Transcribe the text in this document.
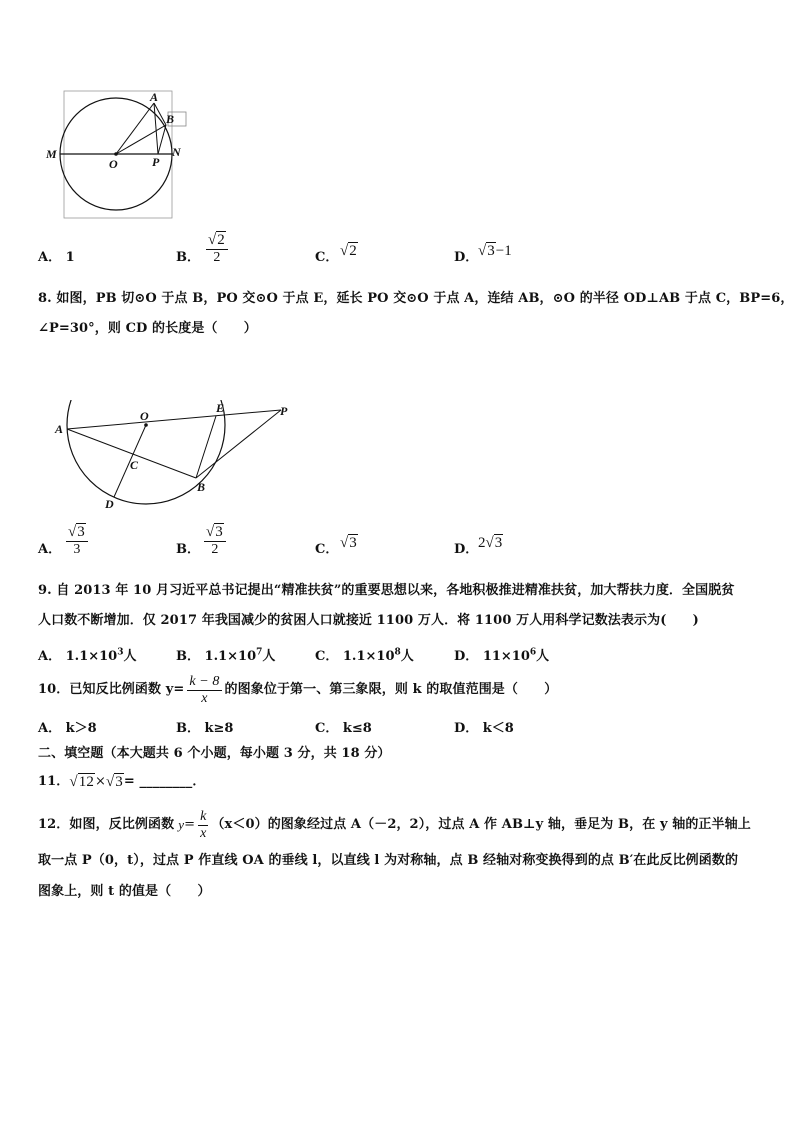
M
O
A
B
P
N
A． 1	B． $\frac{√2}{2}$	C． √2	D． √3−1
8. 如图，PB 切⊙O 于点 B，PO 交⊙O 于点 E，延长 PO 交⊙O 于点 A，连结 AB，⊙O 的半径 OD⊥AB 于点 C，BP=6，
∠P=30°，则 CD 的长度是（　　）
O
E	P
A
C
D
B
A． $\frac{√3}{3}$	B． $\frac{√3}{2}$	C． √3	D． 2√3
9. 自 2013 年 10 月习近平总书记提出“精准扶贫”的重要思想以来，各地积极推进精准扶贫，加大帮扶力度．全国脱贫
人口数不断增加．仅 2017 年我国减少的贫困人口就接近 1100 万人．将 1100 万人用科学记数法表示为(　　)
A． $1.1\times 10^3$人	B． $1.1\times 10^7$人	C． $1.1\times 10^8$人	D． $11\times 10^6$人
10．已知反比例函数 $y= \frac{k - 8}{x}$ 的图象位于第一、第三象限，则 k 的取值范围是（　　）
A． k＞8	B． k≥8	C． k≤8	D． k＜8
二、填空题（本大题共 6 个小题，每小题 3 分，共 18 分）
11． √12 × √3 = ________．
12．如图，反比例函数 $y = \frac{k}{x} (x<0)$的图象经过点 A（－2，2），过点 A 作 AB⊥y 轴，垂足为 B，在 y 轴的正半轴上
取一点 P（0，t），过点 P 作直线 OA 的垂线 l，以直线 l 为对称轴，点 B 经轴对称变换得到的点 B′在此反比例函数的
图象上，则 t 的值是（　　）
